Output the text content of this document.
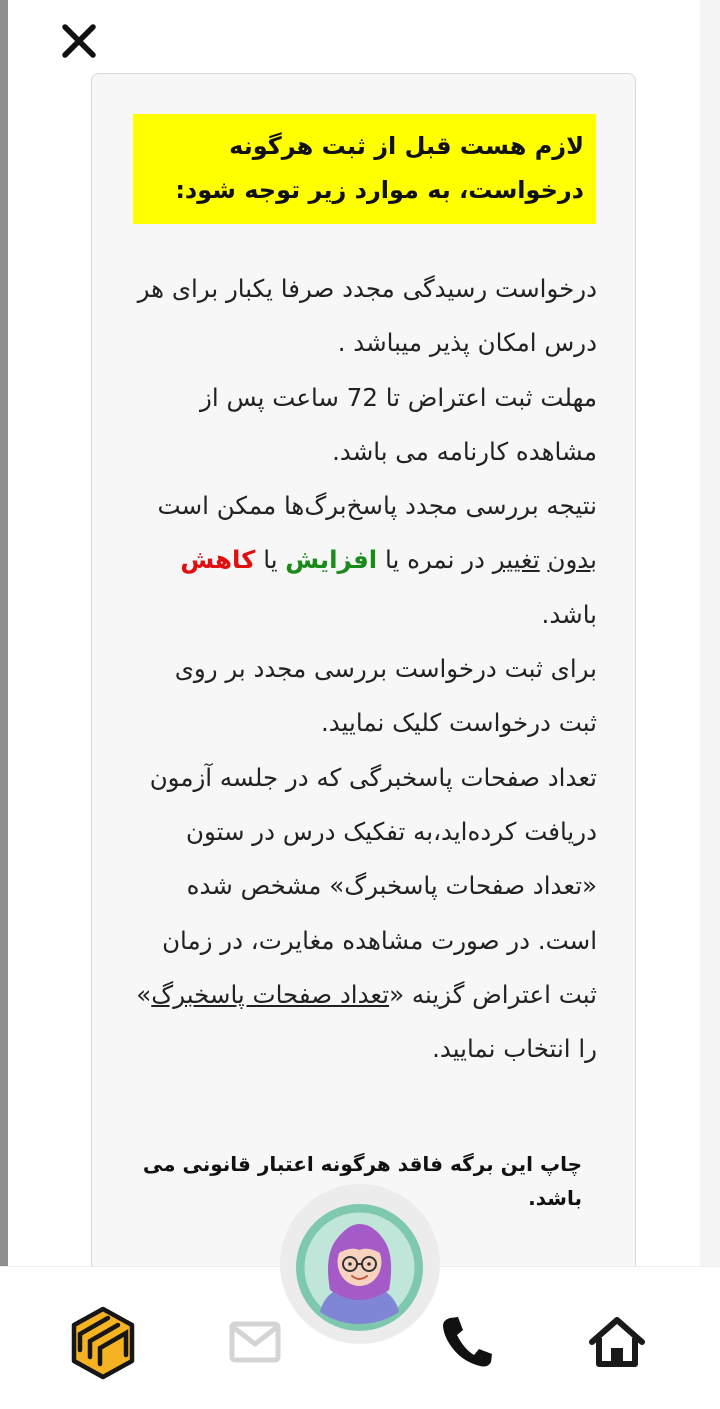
لازم هست قبل از ثبت هرگونه
درخواست، به موارد زیر توجه شود:

درخواست رسیدگی مجدد صرفا یکبار برای هر درس امکان پذیر میباشد .

مهلت ثبت اعتراض تا 72 ساعت پس از مشاهده کارنامه می باشد.

نتیجه بررسی مجدد پاسخ‌برگ‌ها ممکن است بدون تغییر در نمره یا افزایش یا کاهش باشد.

برای ثبت درخواست بررسی مجدد بر روی ثبت درخواست کلیک نمایید.

تعداد صفحات پاسخبرگی که در جلسه آزمون دریافت کرده‌اید،به تفکیک درس در ستون «تعداد صفحات پاسخبرگ» مشخص شده است. در صورت مشاهده مغایرت، در زمان ثبت اعتراض گزینه «تعداد صفحات پاسخبرگ» را انتخاب نمایید.

چاپ این برگه فاقد هرگونه اعتبار قانونی می باشد.
